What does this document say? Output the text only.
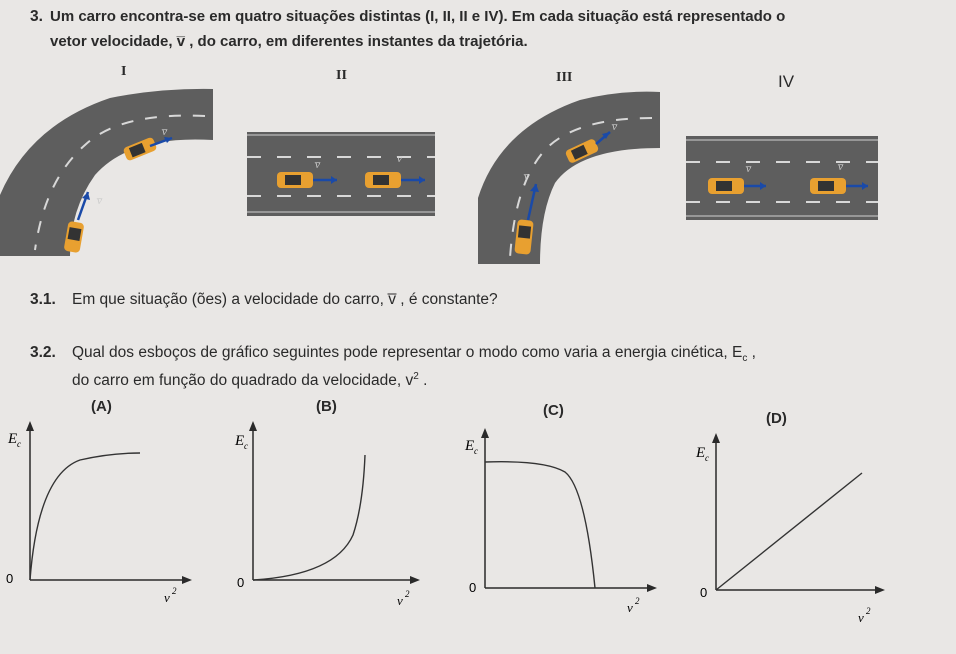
3. Um carro encontra-se em quatro situações distintas (I, II, II e IV). Em cada situação está representado o
vetor velocidade, v̅ , do carro, em diferentes instantes da trajetória.
I	II	III	IV
v̅
v̅
v̅	v̅
v̅
v̅
v̅	v̅
3.1. Em que situação (ões) a velocidade do carro, v̅ , é constante?
3.2. Qual dos esboços de gráfico seguintes pode representar o modo como varia a energia cinética, $E_c$ ,
do carro em função do quadrado da velocidade, $v^2$ .
(A)	(B)	(C)	(D)
E c
0
v 2
E c
0
v 2
E c
0
v 2
E c
0
v 2
